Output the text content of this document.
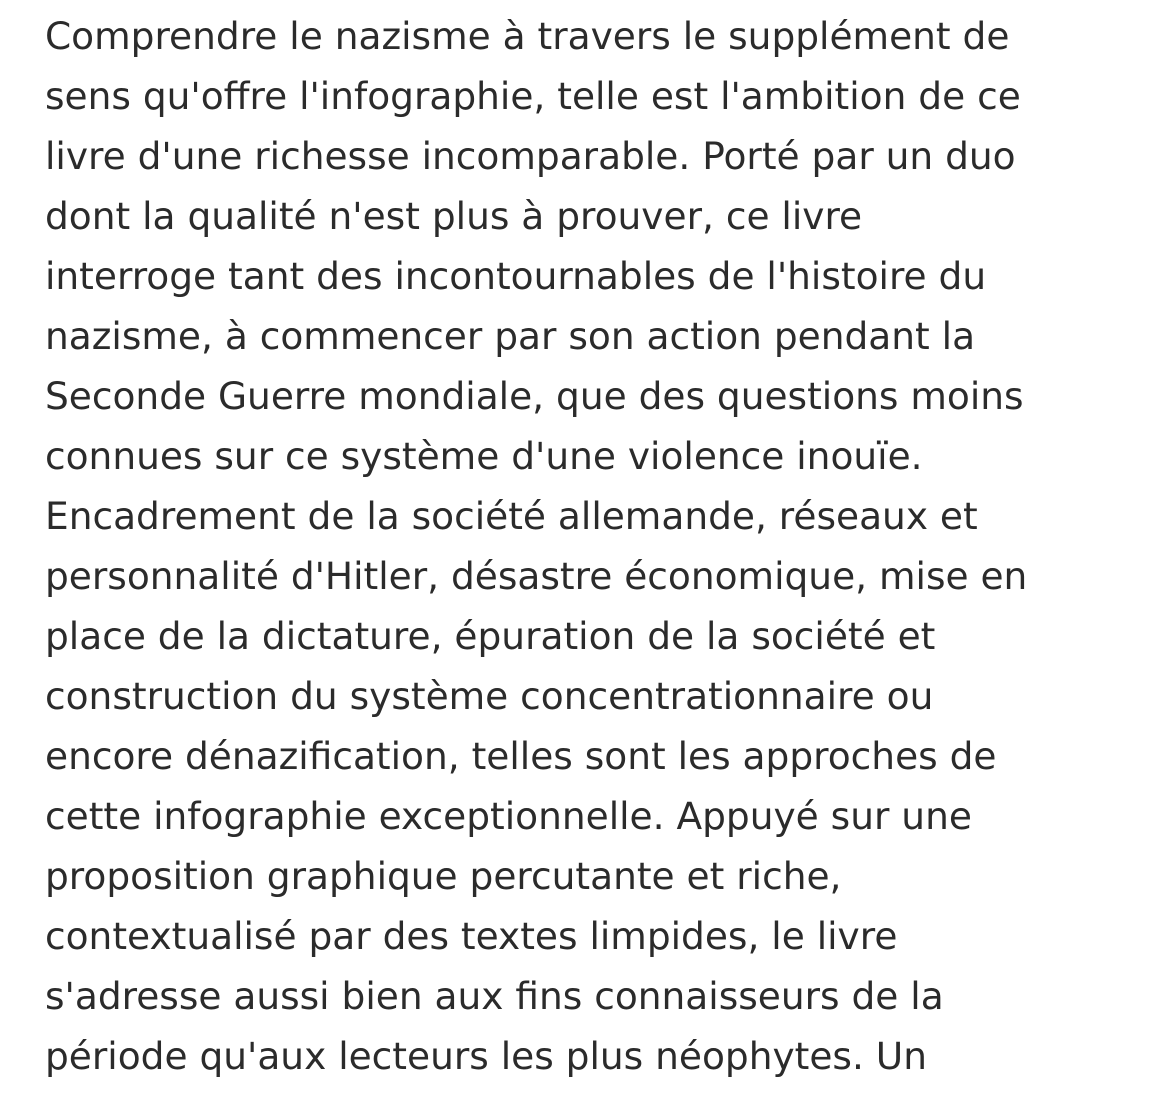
Comprendre le nazisme à travers le supplément de
sens qu'offre l'infographie, telle est l'ambition de ce
livre d'une richesse incomparable. Porté par un duo
dont la qualité n'est plus à prouver, ce livre
interroge tant des incontournables de l'histoire du
nazisme, à commencer par son action pendant la
Seconde Guerre mondiale, que des questions moins
connues sur ce système d'une violence inouïe.
Encadrement de la société allemande, réseaux et
personnalité d'Hitler, désastre économique, mise en
place de la dictature, épuration de la société et
construction du système concentrationnaire ou
encore dénazification, telles sont les approches de
cette infographie exceptionnelle. Appuyé sur une
proposition graphique percutante et riche,
contextualisé par des textes limpides, le livre
s'adresse aussi bien aux fins connaisseurs de la
période qu'aux lecteurs les plus néophytes. Un
